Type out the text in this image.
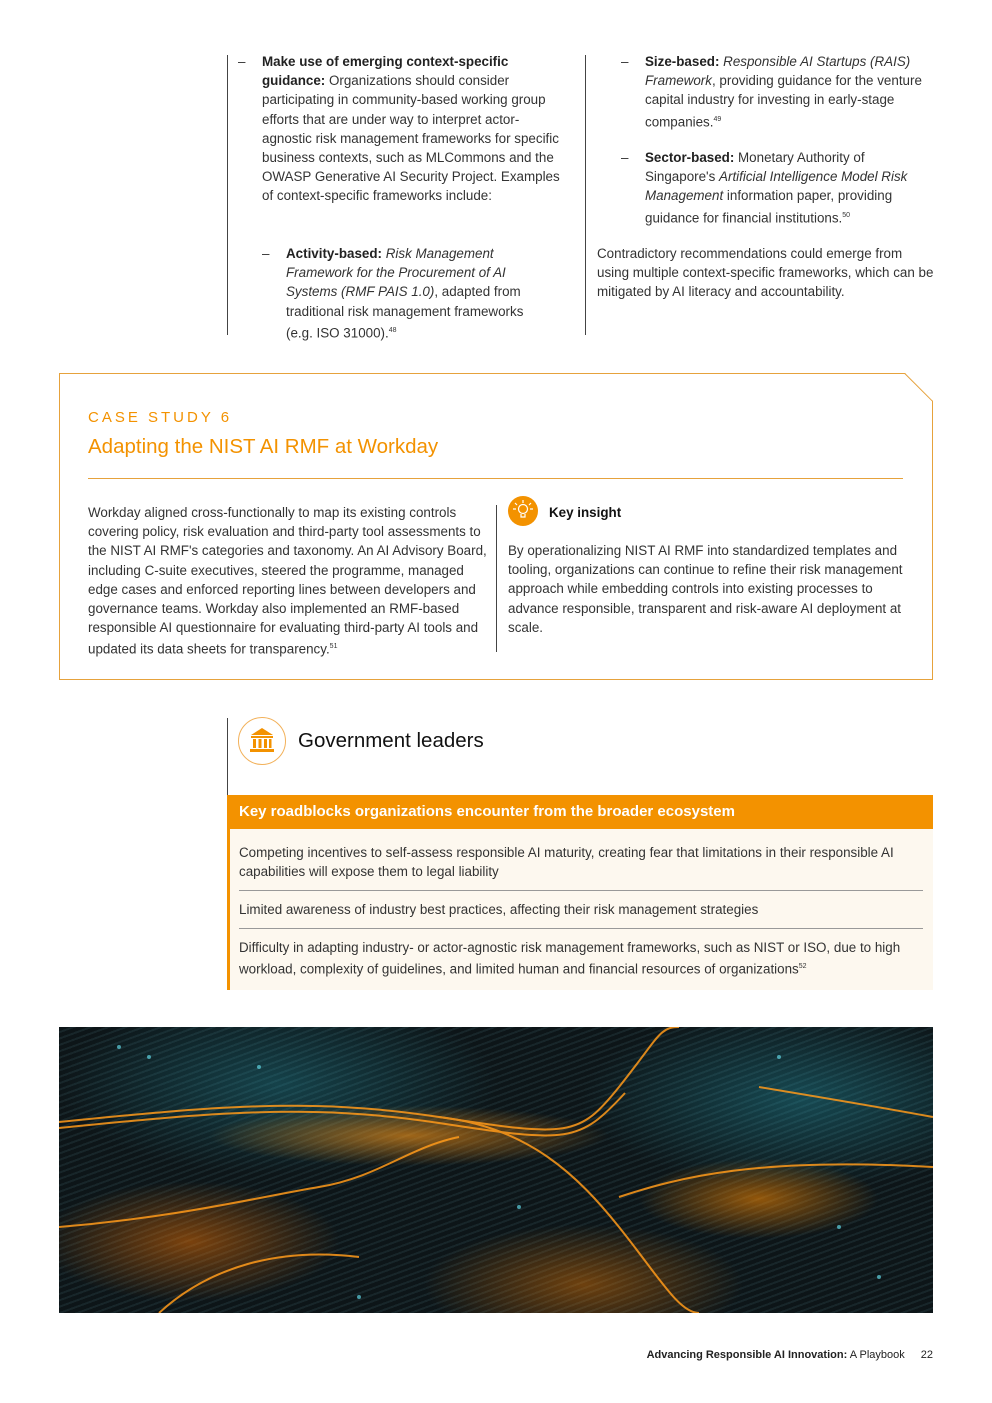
– Make use of emerging context-specific guidance: Organizations should consider participating in community-based working group efforts that are under way to interpret actor-agnostic risk management frameworks for specific business contexts, such as MLCommons and the OWASP Generative AI Security Project. Examples of context-specific frameworks include:
– Activity-based: Risk Management Framework for the Procurement of AI Systems (RMF PAIS 1.0), adapted from traditional risk management frameworks (e.g. ISO 31000).$^{48}$
– Size-based: Responsible AI Startups (RAIS) Framework, providing guidance for the venture capital industry for investing in early-stage companies.$^{49}$
– Sector-based: Monetary Authority of Singapore's Artificial Intelligence Model Risk Management information paper, providing guidance for financial institutions.$^{50}$
Contradictory recommendations could emerge from using multiple context-specific frameworks, which can be mitigated by AI literacy and accountability.
CASE STUDY 6
Adapting the NIST AI RMF at Workday
Workday aligned cross-functionally to map its existing controls covering policy, risk evaluation and third-party tool assessments to the NIST AI RMF's categories and taxonomy. An AI Advisory Board, including C-suite executives, steered the programme, managed edge cases and enforced reporting lines between developers and governance teams. Workday also implemented an RMF-based responsible AI questionnaire for evaluating third-party AI tools and updated its data sheets for transparency.$^{51}$
Key insight
By operationalizing NIST AI RMF into standardized templates and tooling, organizations can continue to refine their risk management approach while embedding controls into existing processes to advance responsible, transparent and risk-aware AI deployment at scale.
Government leaders
Key roadblocks organizations encounter from the broader ecosystem
Competing incentives to self-assess responsible AI maturity, creating fear that limitations in their responsible AI capabilities will expose them to legal liability
Limited awareness of industry best practices, affecting their risk management strategies
Difficulty in adapting industry- or actor-agnostic risk management frameworks, such as NIST or ISO, due to high workload, complexity of guidelines, and limited human and financial resources of organizations$^{52}$
Advancing Responsible AI Innovation: A Playbook 22
